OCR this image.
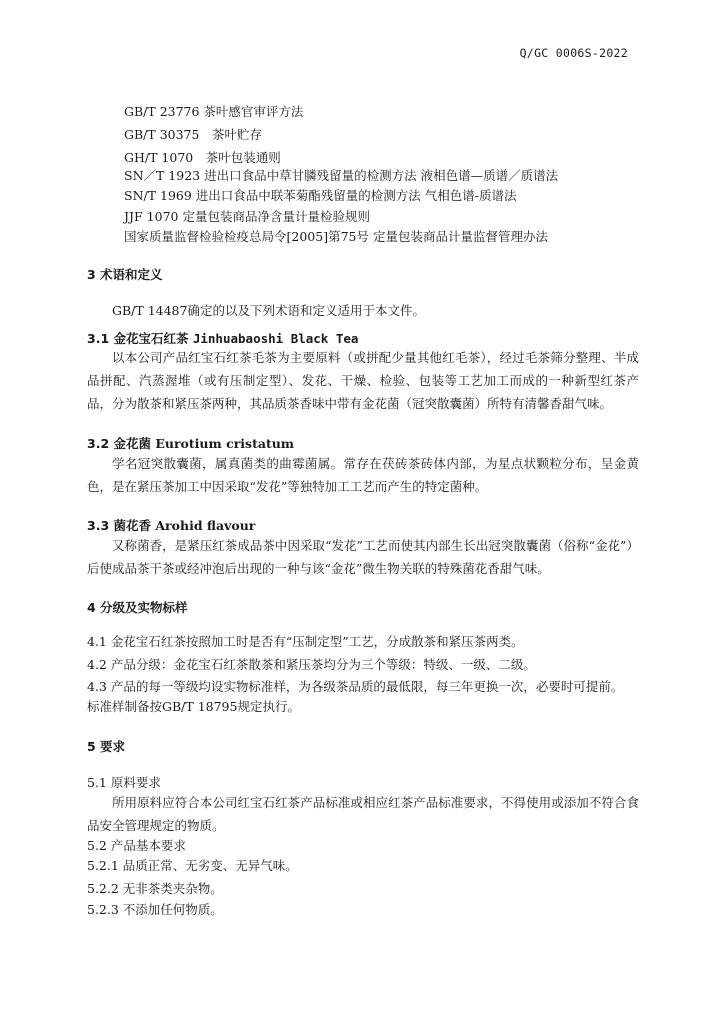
Q/GC 0006S-2022
GB/T 23776 茶叶感官审评方法
GB/T 30375　茶叶贮存
GH/T 1070　茶叶包装通则
SN／T 1923 进出口食品中草甘膦残留量的检测方法 液相色谱—质谱／质谱法
SN/T 1969 进出口食品中联苯菊酯残留量的检测方法 气相色谱-质谱法
JJF 1070 定量包装商品净含量计量检验规则
国家质量监督检验检疫总局令[2005]第75号 定量包装商品计量监督管理办法
3 术语和定义
GB/T 14487确定的以及下列术语和定义适用于本文件。
3.1 金花宝石红茶 Jinhuabaoshi Black Tea
以本公司产品红宝石红茶毛茶为主要原料（或拼配少量其他红毛茶），经过毛茶筛分整理、半成品拼配、汽蒸渥堆（或有压制定型）、发花、干燥、检验、包装等工艺加工而成的一种新型红茶产品，分为散茶和紧压茶两种，其品质茶香味中带有金花菌（冠突散囊菌）所特有清馨香甜气味。
3.2 金花菌 Eurotium cristatum
学名冠突散囊菌，属真菌类的曲霉菌属。常存在茯砖茶砖体内部，为星点状颗粒分布，呈金黄色，是在紧压茶加工中因采取“发花”等独特加工工艺而产生的特定菌种。
3.3 菌花香 Arohid flavour
又称菌香，是紧压红茶成品茶中因采取“发花”工艺而使其内部生长出冠突散囊菌（俗称“金花”）后使成品茶干茶或经冲泡后出现的一种与该“金花”微生物关联的特殊菌花香甜气味。
4 分级及实物标样
4.1 金花宝石红茶按照加工时是否有“压制定型”工艺，分成散茶和紧压茶两类。
4.2 产品分级：金花宝石红茶散茶和紧压茶均分为三个等级：特级、一级、二级。
4.3 产品的每一等级均设实物标准样，为各级茶品质的最低限，每三年更换一次，必要时可提前。
标准样制备按GB/T 18795规定执行。
5 要求
5.1 原料要求
所用原料应符合本公司红宝石红茶产品标准或相应红茶产品标准要求，不得使用或添加不符合食品安全管理规定的物质。
5.2 产品基本要求
5.2.1 品质正常、无劣变、无异气味。
5.2.2 无非茶类夹杂物。
5.2.3 不添加任何物质。
